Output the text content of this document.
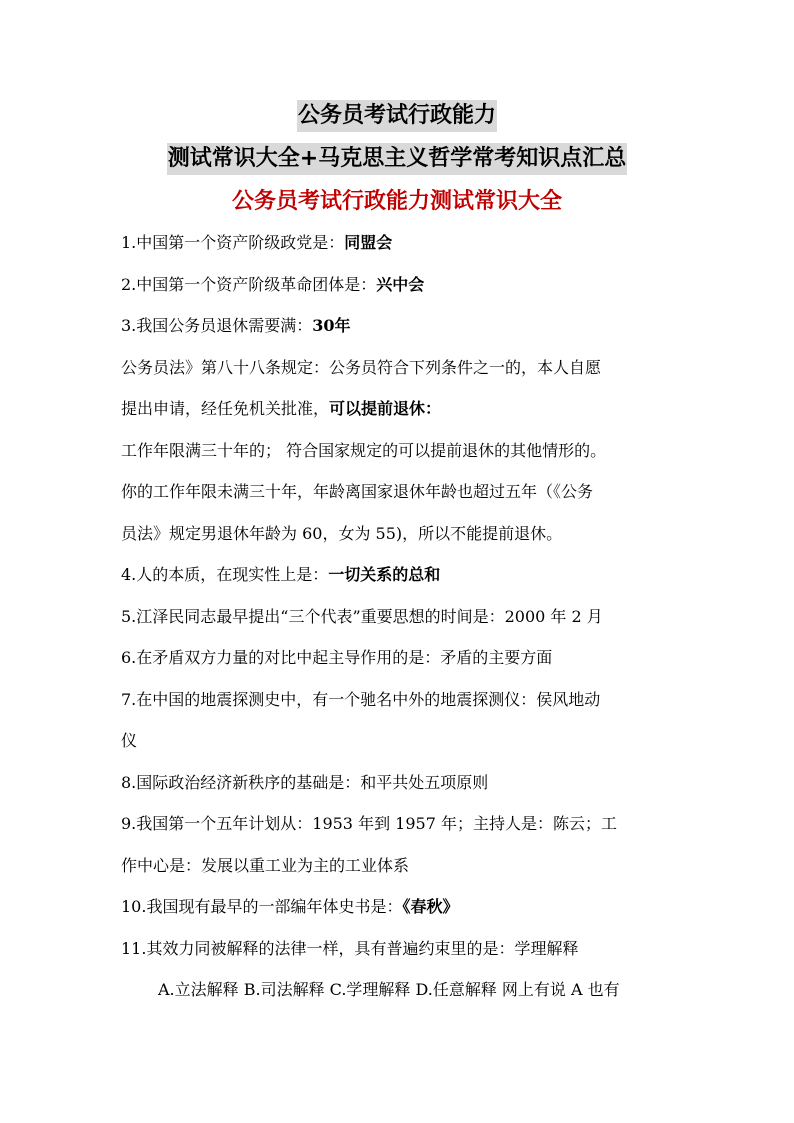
公务员考试行政能力
测试常识大全+马克思主义哲学常考知识点汇总
公务员考试行政能力测试常识大全
1.中国第一个资产阶级政党是：同盟会
2.中国第一个资产阶级革命团体是：兴中会
3.我国公务员退休需要满：30年
公务员法》第八十八条规定：公务员符合下列条件之一的，本人自愿
提出申请，经任免机关批准，可以提前退休：
工作年限满三十年的； 符合国家规定的可以提前退休的其他情形的。
你的工作年限未满三十年，年龄离国家退休年龄也超过五年（《公务
员法》规定男退休年龄为 60，女为 55)，所以不能提前退休。
4.人的本质，在现实性上是：一切关系的总和
5.江泽民同志最早提出“三个代表”重要思想的时间是：2000 年 2 月
6.在矛盾双方力量的对比中起主导作用的是：矛盾的主要方面
7.在中国的地震探测史中，有一个驰名中外的地震探测仪：侯风地动
仪
8.国际政治经济新秩序的基础是：和平共处五项原则
9.我国第一个五年计划从：1953 年到 1957 年；主持人是：陈云；工
作中心是：发展以重工业为主的工业体系
10.我国现有最早的一部编年体史书是：《春秋》
11.其效力同被解释的法律一样，具有普遍约束里的是：学理解释
A.立法解释 B.司法解释 C.学理解释 D.任意解释 网上有说 A 也有
